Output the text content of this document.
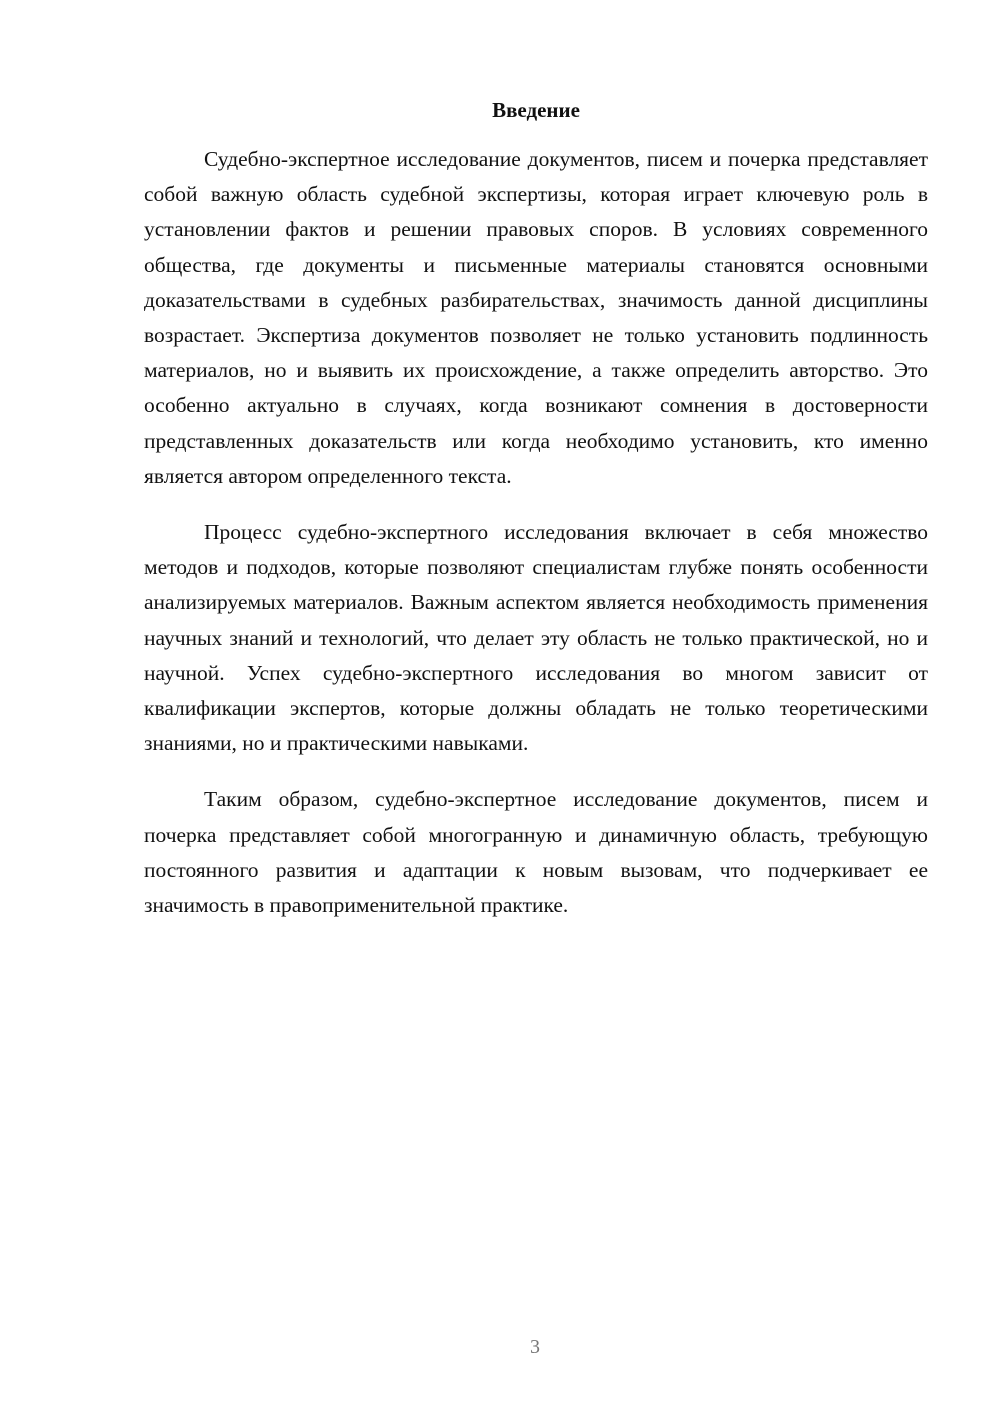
Введение

Судебно-экспертное исследование документов, писем и почерка представляет собой важную область судебной экспертизы, которая играет ключевую роль в установлении фактов и решении правовых споров. В условиях современного общества, где документы и письменные материалы становятся основными доказательствами в судебных разбирательствах, значимость данной дисциплины возрастает. Экспертиза документов позволяет не только установить подлинность материалов, но и выявить их происхождение, а также определить авторство. Это особенно актуально в случаях, когда возникают сомнения в достоверности представленных доказательств или когда необходимо установить, кто именно является автором определенного текста.

Процесс судебно-экспертного исследования включает в себя множество методов и подходов, которые позволяют специалистам глубже понять особенности анализируемых материалов. Важным аспектом является необходимость применения научных знаний и технологий, что делает эту область не только практической, но и научной. Успех судебно-экспертного исследования во многом зависит от квалификации экспертов, которые должны обладать не только теоретическими знаниями, но и практическими навыками.

Таким образом, судебно-экспертное исследование документов, писем и почерка представляет собой многогранную и динамичную область, требующую постоянного развития и адаптации к новым вызовам, что подчеркивает ее значимость в правоприменительной практике.

3
